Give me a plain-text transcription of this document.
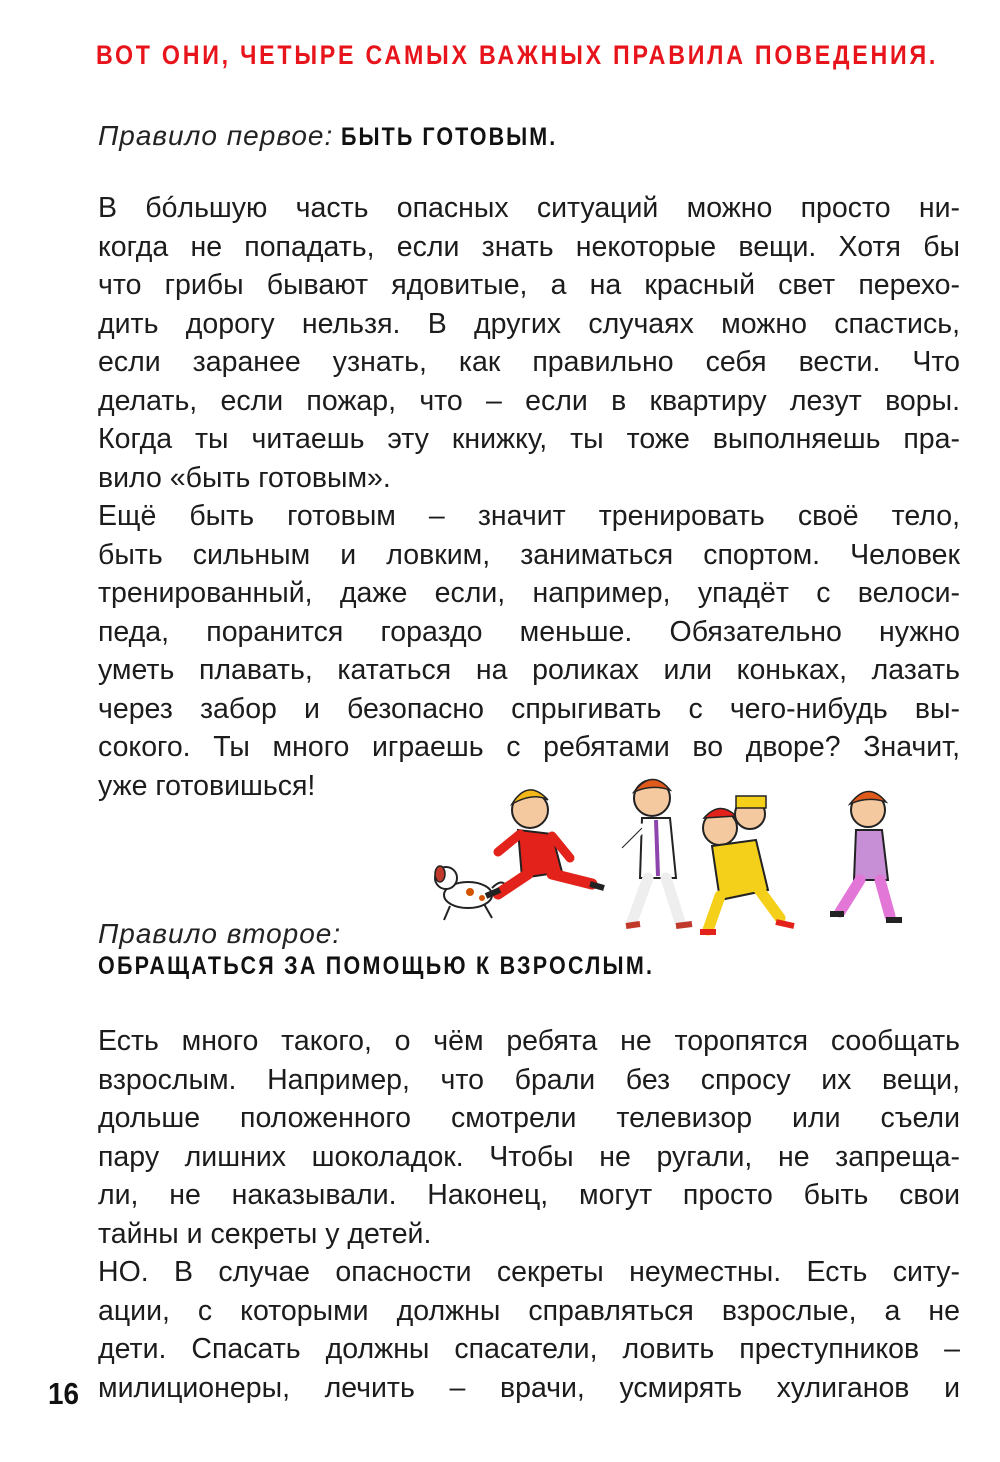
ВОТ ОНИ, ЧЕТЫРЕ САМЫХ ВАЖНЫХ ПРАВИЛА ПОВЕДЕНИЯ.
Правило первое: БЫТЬ ГОТОВЫМ.
В бóльшую часть опасных ситуаций можно просто ни-
когда не попадать, если знать некоторые вещи. Хотя бы
что грибы бывают ядовитые, а на красный свет перехо-
дить дорогу нельзя. В других случаях можно спастись,
если заранее узнать, как правильно себя вести. Что
делать, если пожар, что – если в квартиру лезут воры.
Когда ты читаешь эту книжку, ты тоже выполняешь пра-
вило «быть готовым».
Ещё быть готовым – значит тренировать своё тело,
быть сильным и ловким, заниматься спортом. Человек
тренированный, даже если, например, упадёт с велоси-
педа, поранится гораздо меньше. Обязательно нужно
уметь плавать, кататься на роликах или коньках, лазать
через забор и безопасно спрыгивать с чего-нибудь вы-
сокого. Ты много играешь с ребятами во дворе? Значит,
уже готовишься!
Правило второе:
ОБРАЩАТЬСЯ ЗА ПОМОЩЬЮ К ВЗРОСЛЫМ.
Есть много такого, о чём ребята не торопятся сообщать
взрослым. Например, что брали без спросу их вещи,
дольше положенного смотрели телевизор или съели
пару лишних шоколадок. Чтобы не ругали, не запреща-
ли, не наказывали. Наконец, могут просто быть свои
тайны и секреты у детей.
НО. В случае опасности секреты неуместны. Есть ситу-
ации, с которыми должны справляться взрослые, а не
дети. Спасать должны спасатели, ловить преступников –
милиционеры, лечить – врачи, усмирять хулиганов и
16
